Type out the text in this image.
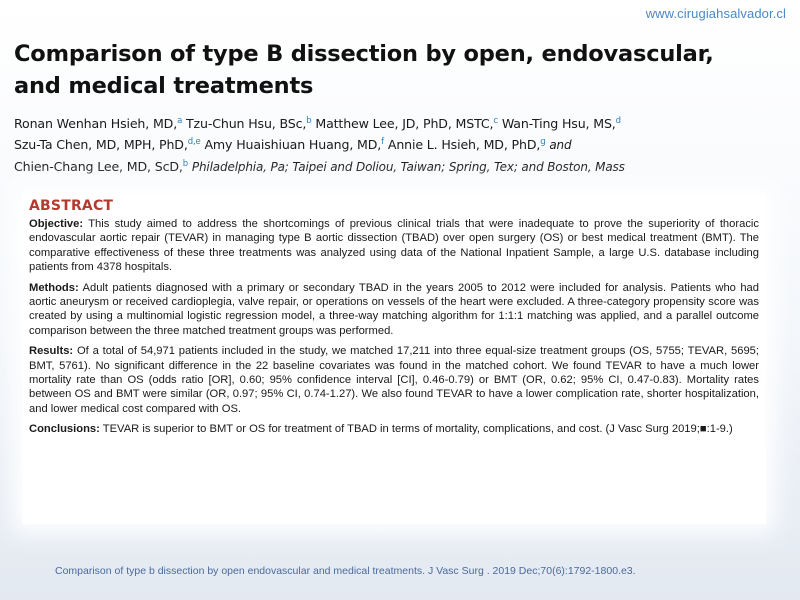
www.cirugiahsalvador.cl
Comparison of type B dissection by open, endovascular, and medical treatments
Ronan Wenhan Hsieh, MD,$^a$ Tzu-Chun Hsu, BSc,$^b$ Matthew Lee, JD, PhD, MSTC,$^c$ Wan-Ting Hsu, MS,$^d$
Szu-Ta Chen, MD, MPH, PhD,$^{d,e}$ Amy Huaishiuan Huang, MD,$^f$ Annie L. Hsieh, MD, PhD,$^g$ and
Chien-Chang Lee, MD, ScD,$^b$ Philadelphia, Pa; Taipei and Doliou, Taiwan; Spring, Tex; and Boston, Mass
ABSTRACT

Objective: This study aimed to address the shortcomings of previous clinical trials that were inadequate to prove the superiority of thoracic endovascular aortic repair (TEVAR) in managing type B aortic dissection (TBAD) over open surgery (OS) or best medical treatment (BMT). The comparative effectiveness of these three treatments was analyzed using data of the National Inpatient Sample, a large U.S. database including patients from 4378 hospitals.

Methods: Adult patients diagnosed with a primary or secondary TBAD in the years 2005 to 2012 were included for analysis. Patients who had aortic aneurysm or received cardioplegia, valve repair, or operations on vessels of the heart were excluded. A three-category propensity score was created by using a multinomial logistic regression model, a three-way matching algorithm for 1:1:1 matching was applied, and a parallel outcome comparison between the three matched treatment groups was performed.

Results: Of a total of 54,971 patients included in the study, we matched 17,211 into three equal-size treatment groups (OS, 5755; TEVAR, 5695; BMT, 5761). No significant difference in the 22 baseline covariates was found in the matched cohort. We found TEVAR to have a much lower mortality rate than OS (odds ratio [OR], 0.60; 95% confidence interval [CI], 0.46-0.79) or BMT (OR, 0.62; 95% CI, 0.47-0.83). Mortality rates between OS and BMT were similar (OR, 0.97; 95% CI, 0.74-1.27). We also found TEVAR to have a lower complication rate, shorter hospitalization, and lower medical cost compared with OS.

Conclusions: TEVAR is superior to BMT or OS for treatment of TBAD in terms of mortality, complications, and cost. (J Vasc Surg 2019;■:1-9.)

Comparison of type b dissection by open endovascular and medical treatments. J Vasc Surg . 2019 Dec;70(6):1792-1800.e3.
